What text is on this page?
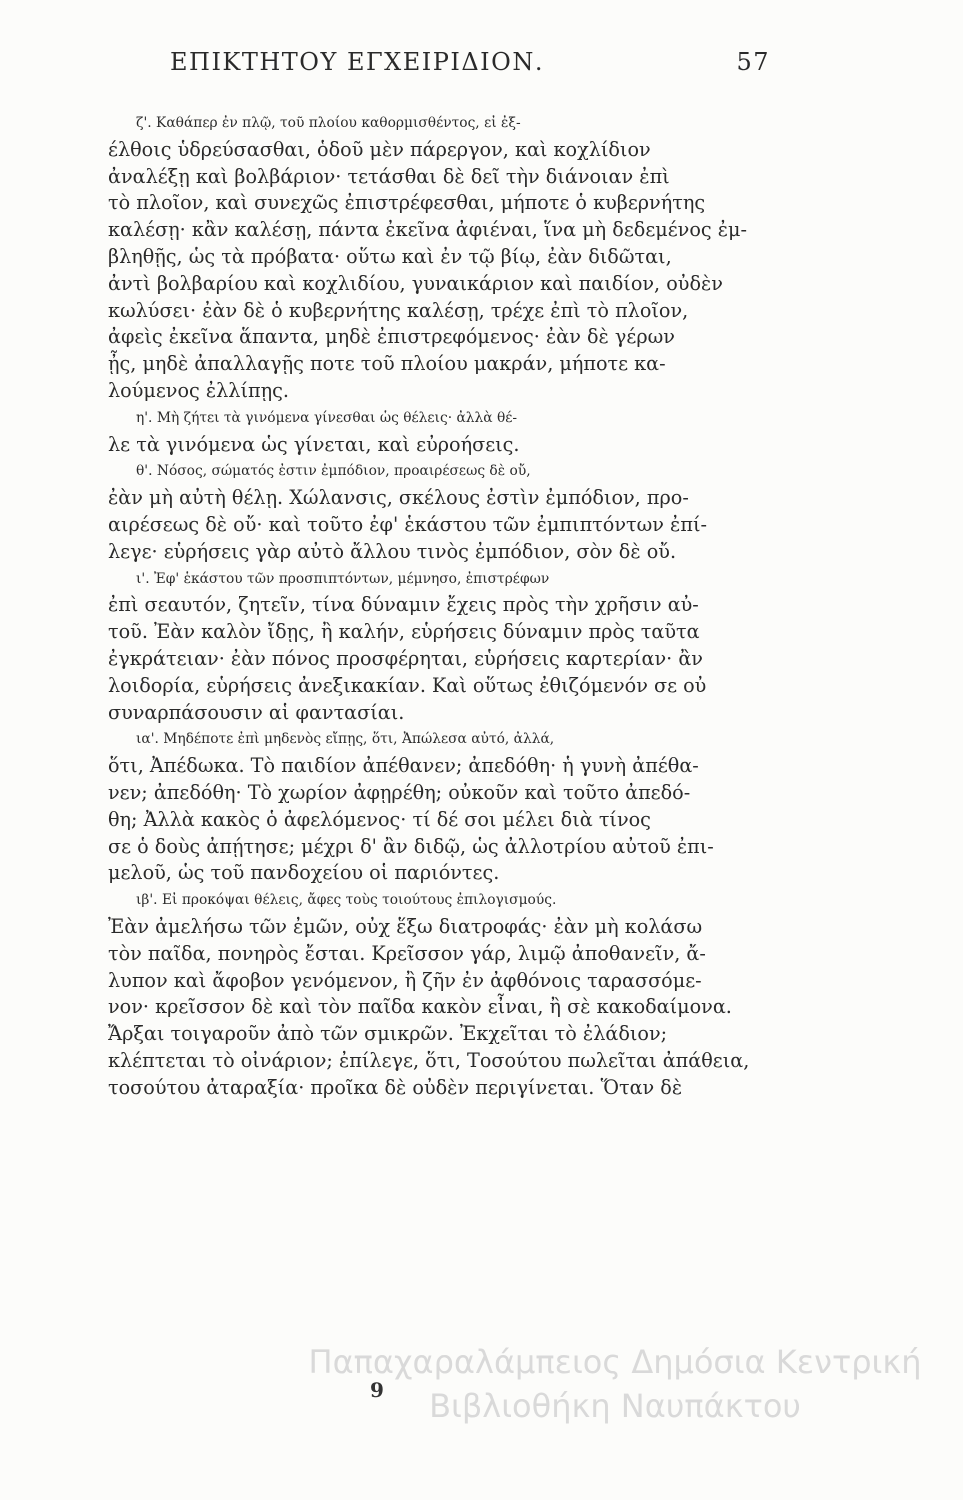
ΕΠΙΚΤΗΤΟΥ ΕΓΧΕΙΡΙΔΙΟΝ.	57
ζ'. Καθάπερ ἐν πλῷ, τοῦ πλοίου καθορμισθέντος, εἰ ἐξ-
έλθοις ὑδρεύσασθαι, ὁδοῦ μὲν πάρεργον, καὶ κοχλίδιον
ἀναλέξῃ καὶ βολβάριον· τετάσθαι δὲ δεῖ τὴν διάνοιαν ἐπὶ
τὸ πλοῖον, καὶ συνεχῶς ἐπιστρέφεσθαι, μήποτε ὁ κυβερνήτης
καλέσῃ· κἂν καλέσῃ, πάντα ἐκεῖνα ἀφιέναι, ἵνα μὴ δεδεμένος ἐμ-
βληθῇς, ὡς τὰ πρόβατα· οὕτω καὶ ἐν τῷ βίῳ, ἐὰν διδῶται,
ἀντὶ βολβαρίου καὶ κοχλιδίου, γυναικάριον καὶ παιδίον, οὐδὲν
κωλύσει· ἐὰν δὲ ὁ κυβερνήτης καλέσῃ, τρέχε ἐπὶ τὸ πλοῖον,
ἀφεὶς ἐκεῖνα ἅπαντα, μηδὲ ἐπιστρεφόμενος· ἐὰν δὲ γέρων
ᾖς, μηδὲ ἀπαλλαγῇς ποτε τοῦ πλοίου μακράν, μήποτε κα-
λούμενος ἐλλίπῃς.
η'. Μὴ ζήτει τὰ γινόμενα γίνεσθαι ὡς θέλεις· ἀλλὰ θέ-
λε τὰ γινόμενα ὡς γίνεται, καὶ εὐροήσεις.
θ'. Νόσος, σώματός ἐστιν ἐμπόδιον, προαιρέσεως δὲ οὔ,
ἐὰν μὴ αὐτὴ θέλῃ. Χώλανσις, σκέλους ἐστὶν ἐμπόδιον, προ-
αιρέσεως δὲ οὔ· καὶ τοῦτο ἐφ' ἑκάστου τῶν ἐμπιπτόντων ἐπί-
λεγε· εὑρήσεις γὰρ αὐτὸ ἄλλου τινὸς ἐμπόδιον, σὸν δὲ οὔ.
ι'. Ἐφ' ἑκάστου τῶν προσπιπτόντων, μέμνησο, ἐπιστρέφων
ἐπὶ σεαυτόν, ζητεῖν, τίνα δύναμιν ἔχεις πρὸς τὴν χρῆσιν αὐ-
τοῦ. Ἐὰν καλὸν ἴδῃς, ἢ καλήν, εὑρήσεις δύναμιν πρὸς ταῦτα
ἐγκράτειαν· ἐὰν πόνος προσφέρηται, εὑρήσεις καρτερίαν· ἂν
λοιδορία, εὑρήσεις ἀνεξικακίαν. Καὶ οὕτως ἐθιζόμενόν σε οὐ
συναρπάσουσιν αἱ φαντασίαι.
ια'. Μηδέποτε ἐπὶ μηδενὸς εἴπῃς, ὅτι, Ἀπώλεσα αὐτό, ἀλλά,
ὅτι, Ἀπέδωκα. Τὸ παιδίον ἀπέθανεν; ἀπεδόθη· ἡ γυνὴ ἀπέθα-
νεν; ἀπεδόθη· Τὸ χωρίον ἀφῃρέθη; οὐκοῦν καὶ τοῦτο ἀπεδό-
θη; Ἀλλὰ κακὸς ὁ ἀφελόμενος· τί δέ σοι μέλει διὰ τίνος
σε ὁ δοὺς ἀπῄτησε; μέχρι δ' ἂν διδῷ, ὡς ἀλλοτρίου αὐτοῦ ἐπι-
μελοῦ, ὡς τοῦ πανδοχείου οἱ παριόντες.
ιβ'. Εἰ προκόψαι θέλεις, ἄφες τοὺς τοιούτους ἐπιλογισμούς.
Ἐὰν ἀμελήσω τῶν ἐμῶν, οὐχ ἕξω διατροφάς· ἐὰν μὴ κολάσω
τὸν παῖδα, πονηρὸς ἔσται. Κρεῖσσον γάρ, λιμῷ ἀποθανεῖν, ἄ-
λυπον καὶ ἄφοβον γενόμενον, ἢ ζῆν ἐν ἀφθόνοις ταρασσόμε-
νον· κρεῖσσον δὲ καὶ τὸν παῖδα κακὸν εἶναι, ἢ σὲ κακοδαίμονα.
Ἄρξαι τοιγαροῦν ἀπὸ τῶν σμικρῶν. Ἐκχεῖται τὸ ἐλάδιον;
κλέπτεται τὸ οἰνάριον; ἐπίλεγε, ὅτι, Τοσούτου πωλεῖται ἀπάθεια,
τοσούτου ἀταραξία· προῖκα δὲ οὐδὲν περιγίνεται. Ὅταν δὲ
9
Παπαχαραλάμπειος Δημόσια Κεντρική
Βιβλιοθήκη Ναυπάκτου
